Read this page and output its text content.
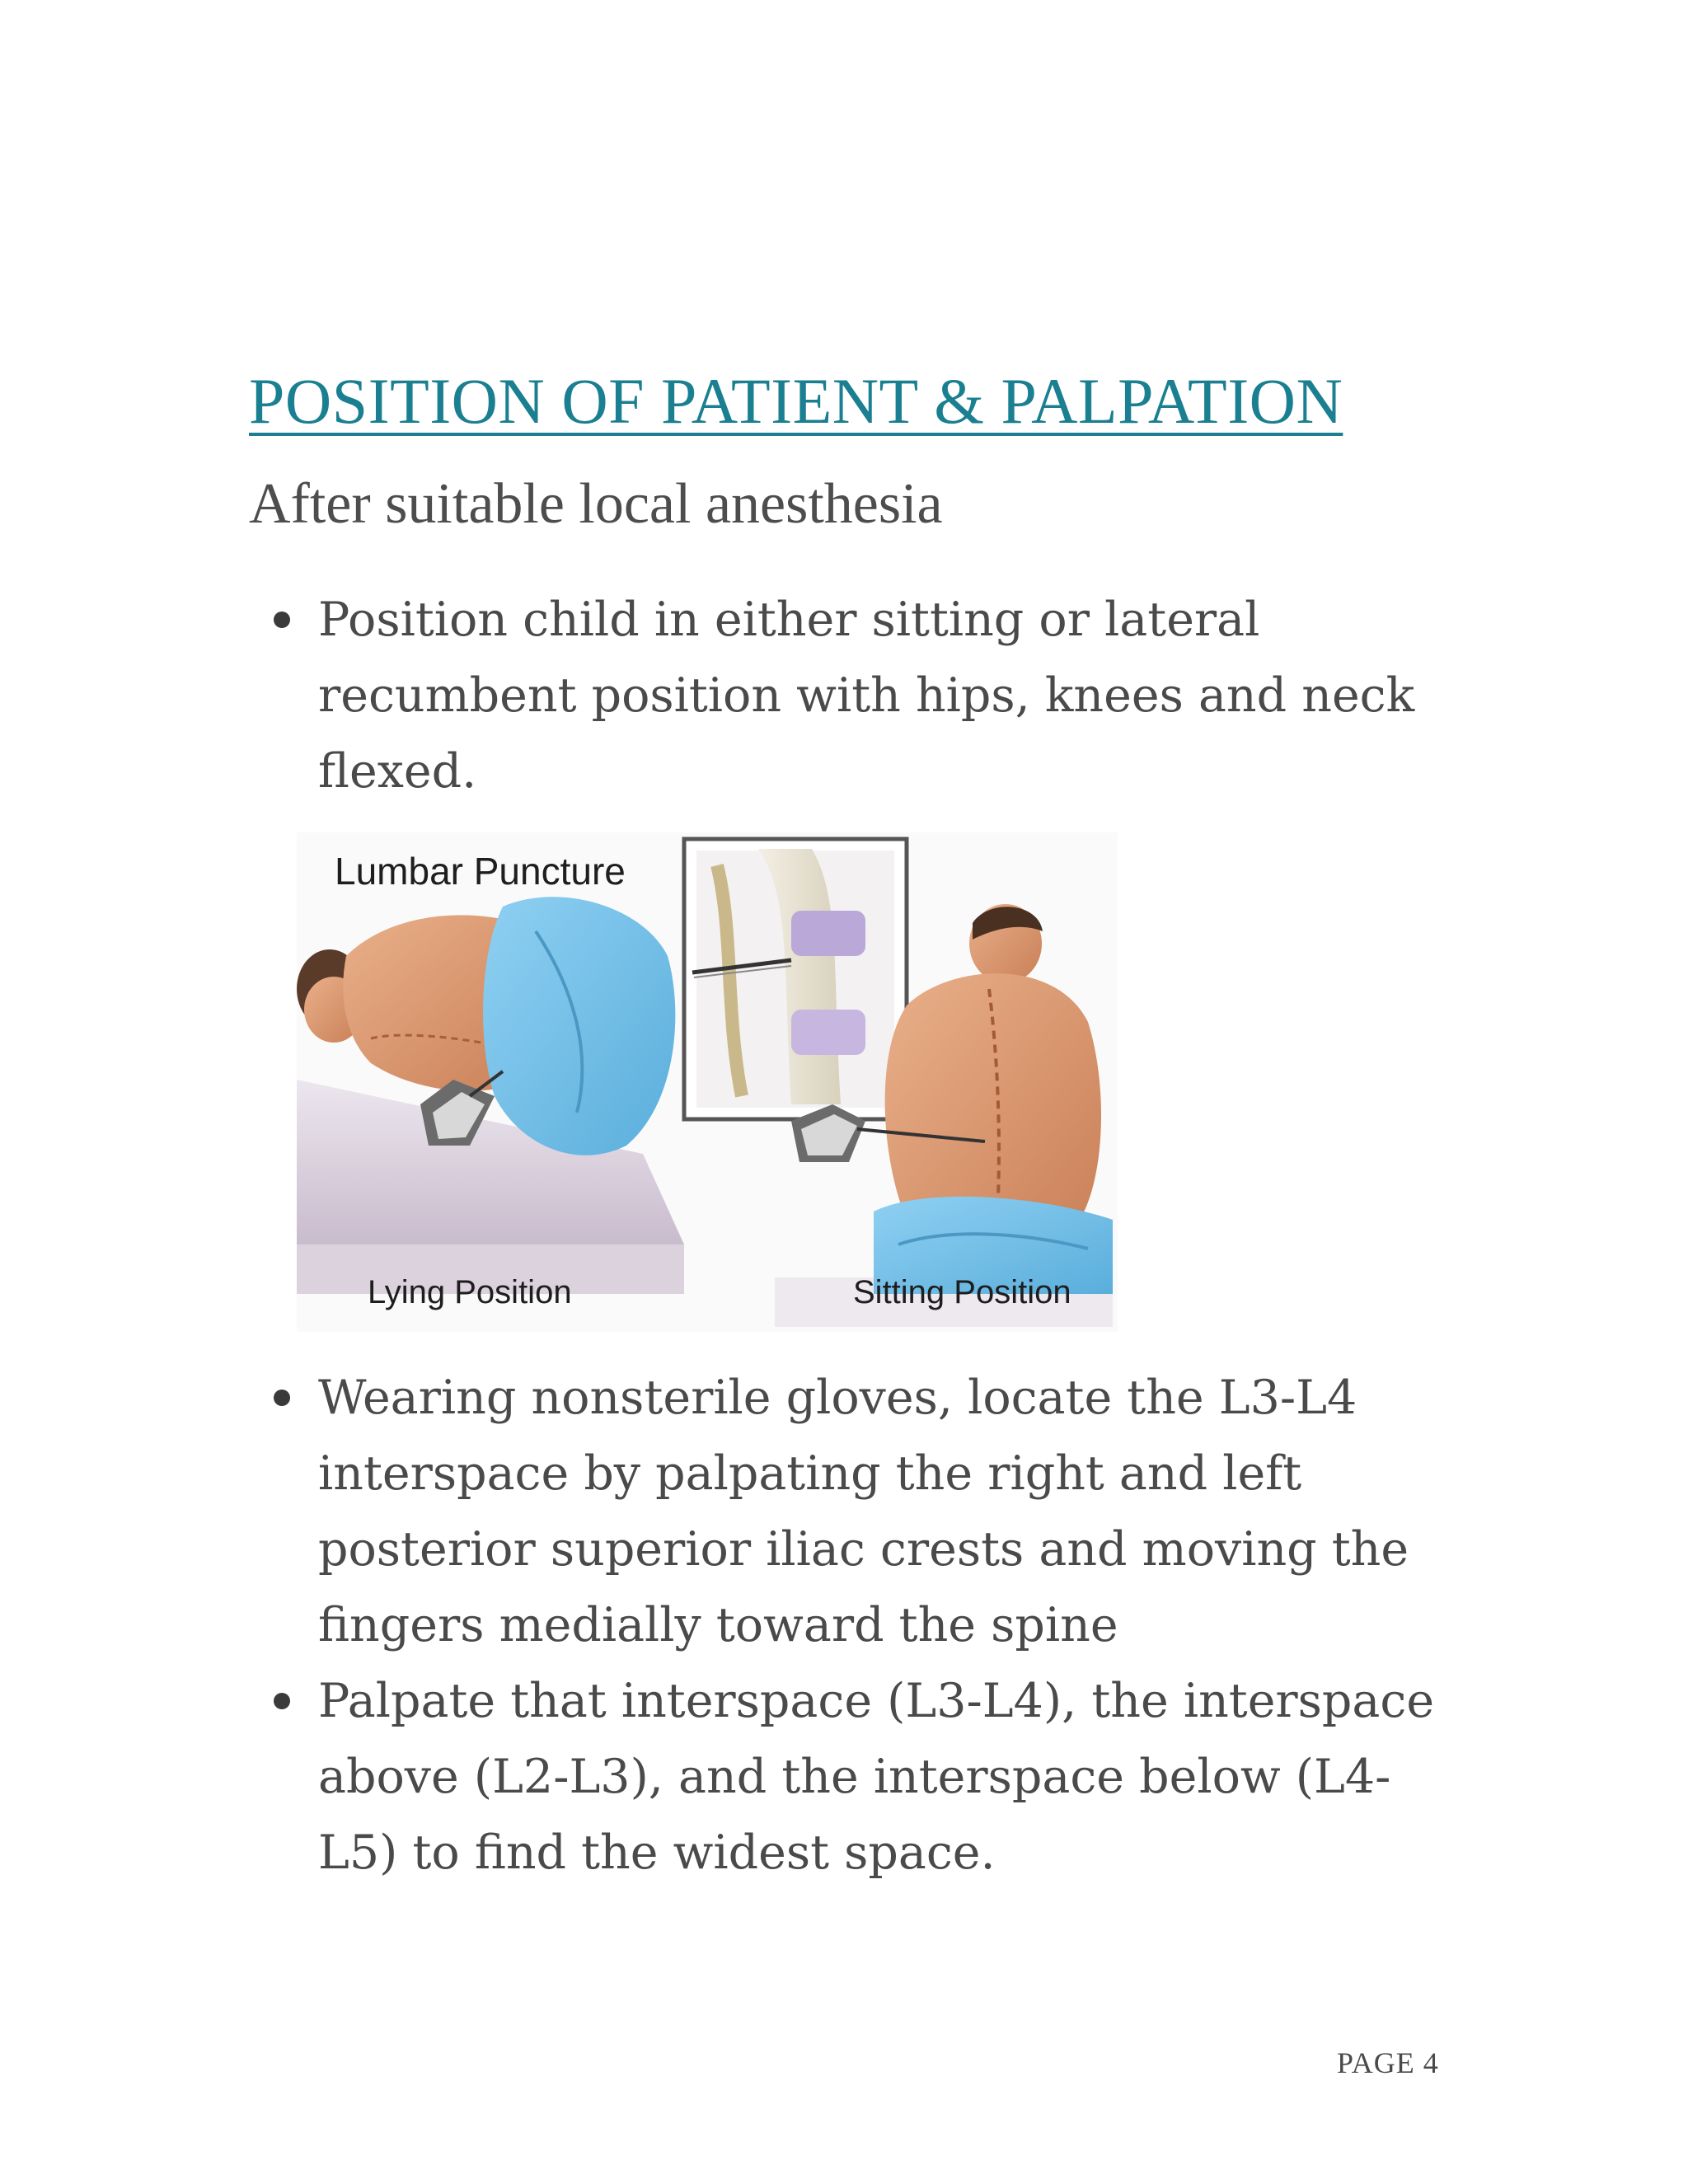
POSITION OF PATIENT & PALPATION
After suitable local anesthesia
Position child in either sitting or lateral recumbent position with hips, knees and neck flexed.
Lumbar Puncture
Lying Position	Sitting Position
Wearing nonsterile gloves, locate the L3-L4 interspace by palpating the right and left posterior superior iliac crests and moving the fingers medially toward the spine
Palpate that interspace (L3-L4), the interspace above (L2-L3), and the interspace below (L4-L5) to find the widest space.
PAGE 4
